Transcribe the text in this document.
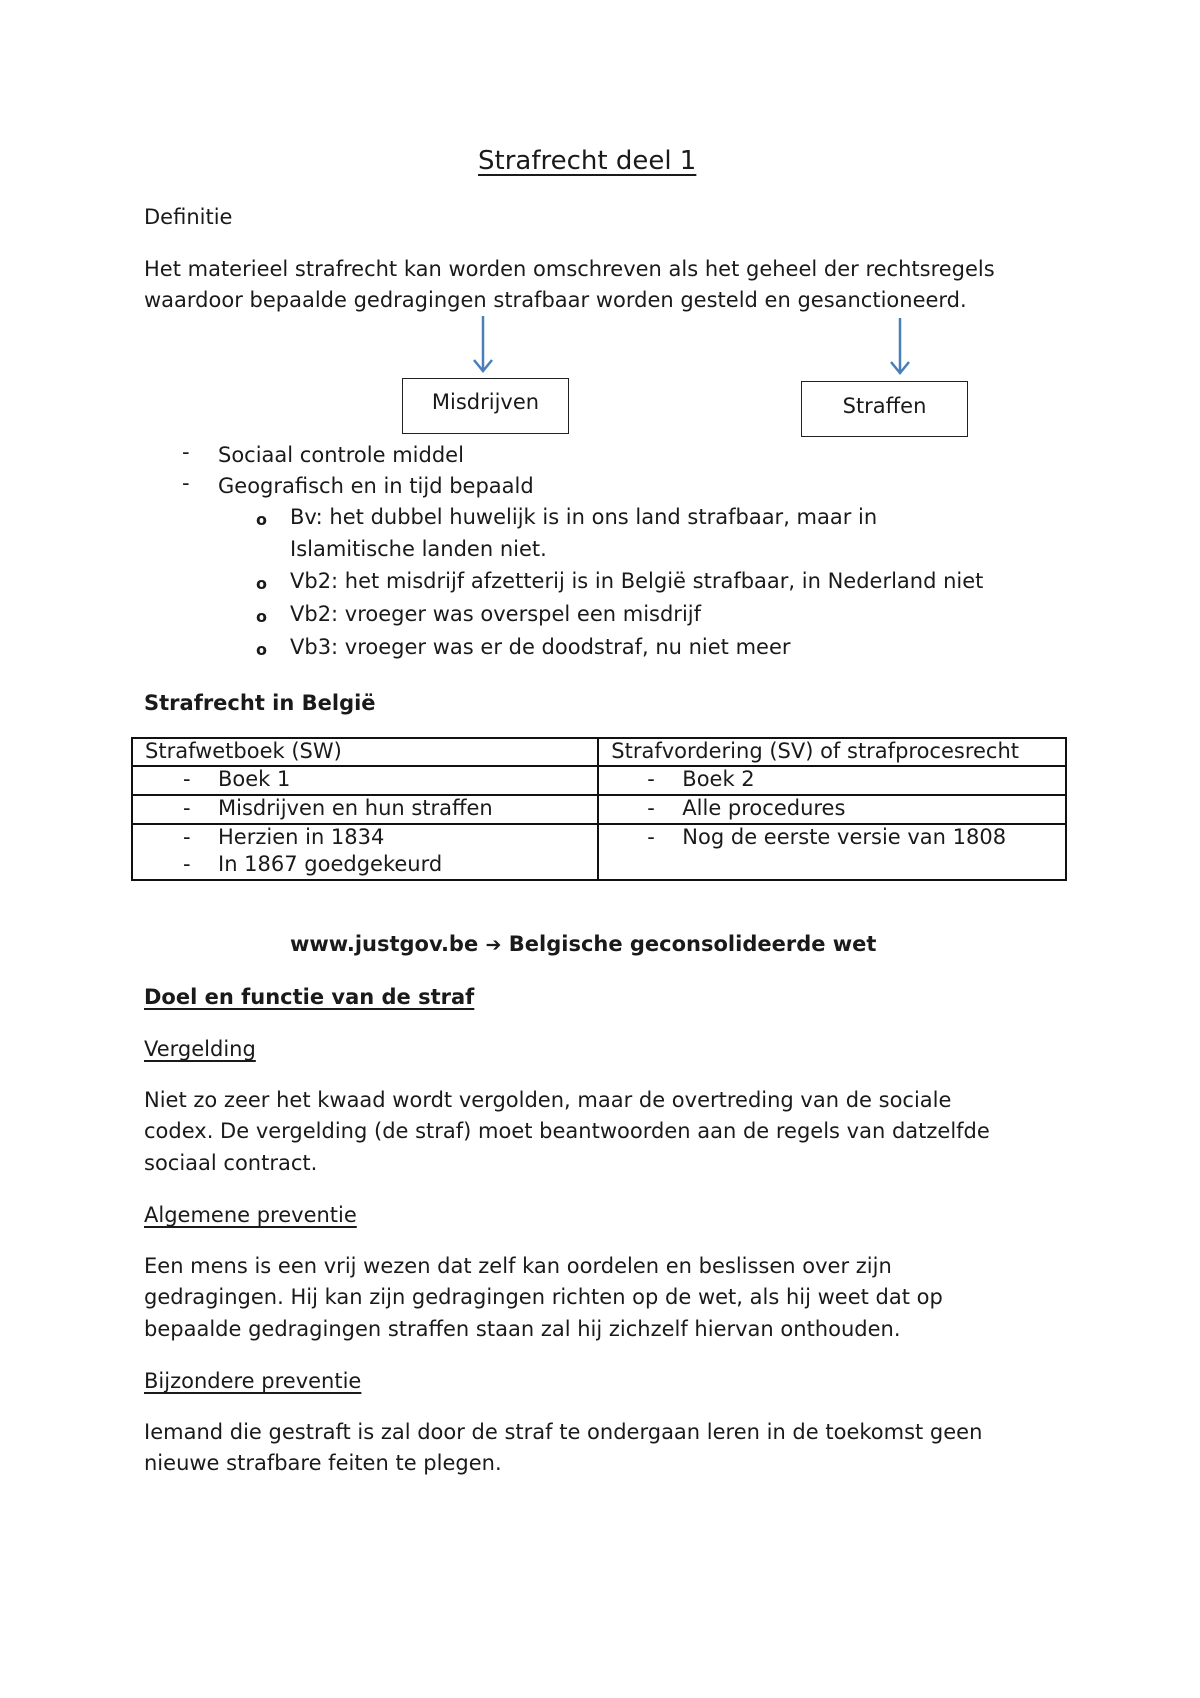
Strafrecht deel 1
Definitie
Het materieel strafrecht kan worden omschreven als het geheel der rechtsregels
waardoor bepaalde gedragingen strafbaar worden gesteld en gesanctioneerd.
Misdrijven	Straffen
- Sociaal controle middel
- Geografisch en in tijd bepaald
o Bv: het dubbel huwelijk is in ons land strafbaar, maar in
Islamitische landen niet.
o Vb2: het misdrijf afzetterij is in België strafbaar, in Nederland niet
o Vb2: vroeger was overspel een misdrijf
o Vb3: vroeger was er de doodstraf, nu niet meer
Strafrecht in België
Strafwetboek (SW)	Strafvordering (SV) of strafprocesrecht

- Boek 1	- Boek 2

- Misdrijven en hun straffen	- Alle procedures

- Herzien in 1834
- In 1867 goedgekeurd	- Nog de eerste versie van 1808
www.justgov.be ➔ Belgische geconsolideerde wet
Doel en functie van de straf
Vergelding
Niet zo zeer het kwaad wordt vergolden, maar de overtreding van de sociale
codex. De vergelding (de straf) moet beantwoorden aan de regels van datzelfde
sociaal contract.
Algemene preventie
Een mens is een vrij wezen dat zelf kan oordelen en beslissen over zijn
gedragingen. Hij kan zijn gedragingen richten op de wet, als hij weet dat op
bepaalde gedragingen straffen staan zal hij zichzelf hiervan onthouden.
Bijzondere preventie
Iemand die gestraft is zal door de straf te ondergaan leren in de toekomst geen
nieuwe strafbare feiten te plegen.
